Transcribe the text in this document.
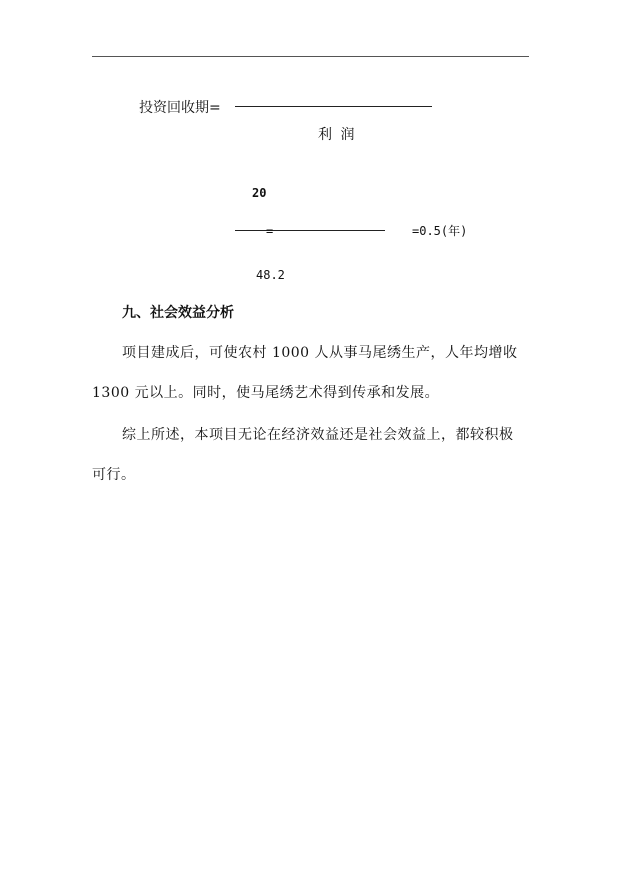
投资回收期=
利 润
20
=	=0.5(年)
48.2
九、社会效益分析
项目建成后，可使农村 1000 人从事马尾绣生产，人年均增收
1300 元以上。同时，使马尾绣艺术得到传承和发展。
综上所述，本项目无论在经济效益还是社会效益上，都较积极
可行。
